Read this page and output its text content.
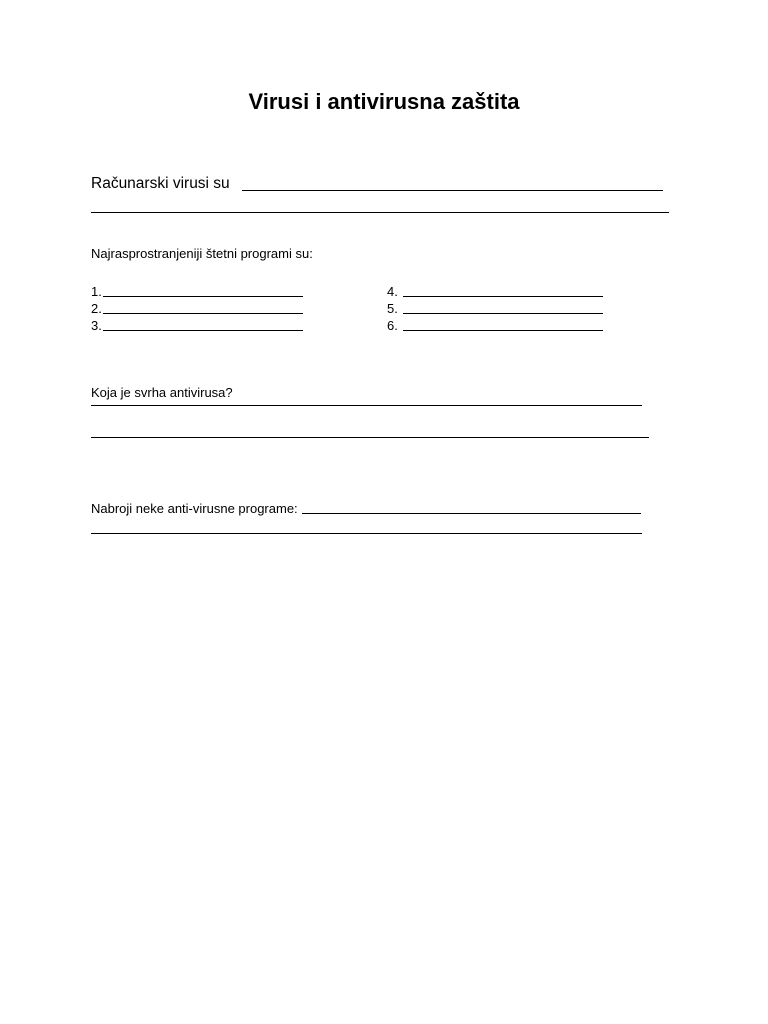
Virusi i antivirusna zaštita
Računarski virusi su
Najrasprostranjeniji štetni programi su:
1.
2.
3.
4.
5.
6.
Koja je svrha antivirusa?
Nabroji neke anti-virusne programe:
